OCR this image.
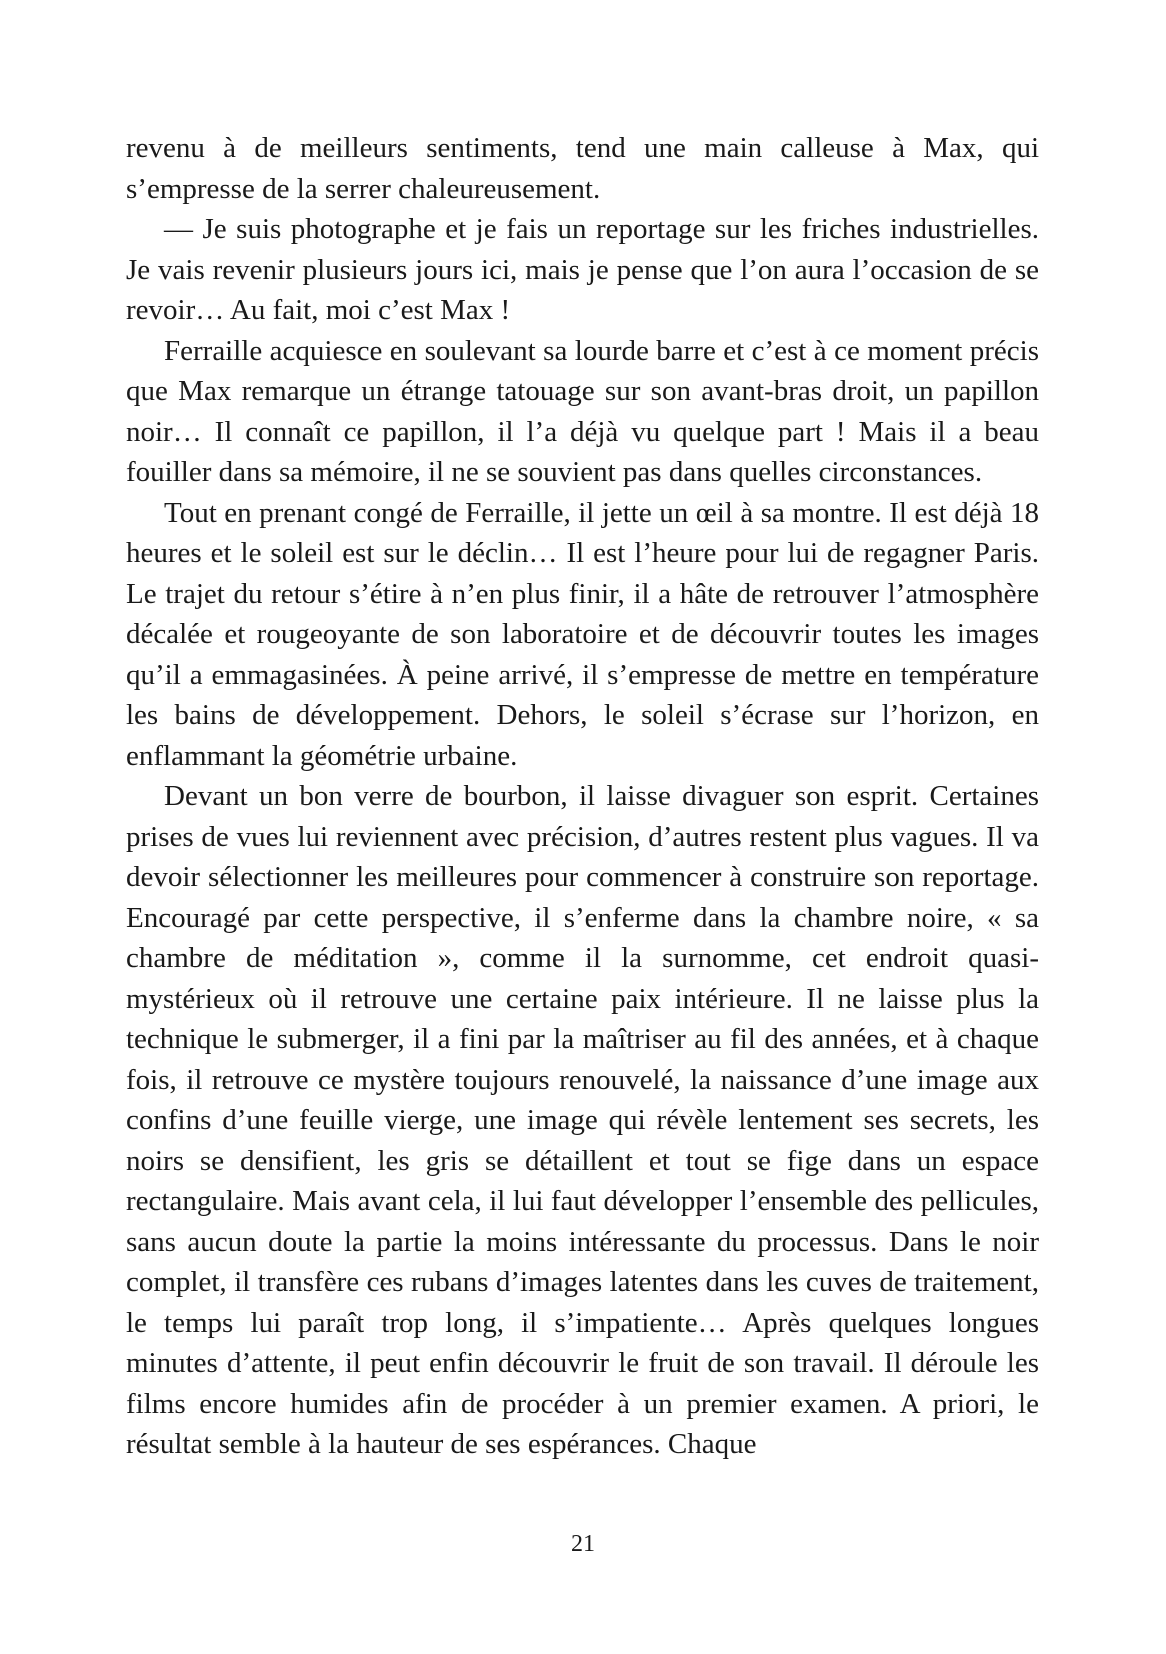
revenu à de meilleurs sentiments, tend une main calleuse à Max, qui s’empresse de la serrer chaleureusement.

— Je suis photographe et je fais un reportage sur les friches industrielles. Je vais revenir plusieurs jours ici, mais je pense que l’on aura l’occasion de se revoir… Au fait, moi c’est Max !

Ferraille acquiesce en soulevant sa lourde barre et c’est à ce moment précis que Max remarque un étrange tatouage sur son avant-bras droit, un papillon noir… Il connaît ce papillon, il l’a déjà vu quelque part ! Mais il a beau fouiller dans sa mémoire, il ne se souvient pas dans quelles circonstances.

Tout en prenant congé de Ferraille, il jette un œil à sa montre. Il est déjà 18 heures et le soleil est sur le déclin… Il est l’heure pour lui de regagner Paris. Le trajet du retour s’étire à n’en plus finir, il a hâte de retrouver l’atmosphère décalée et rougeoyante de son laboratoire et de découvrir toutes les images qu’il a emmagasinées. À peine arrivé, il s’empresse de mettre en température les bains de développement. Dehors, le soleil s’écrase sur l’horizon, en enflammant la géométrie urbaine.

Devant un bon verre de bourbon, il laisse divaguer son esprit. Certaines prises de vues lui reviennent avec précision, d’autres restent plus vagues. Il va devoir sélectionner les meilleures pour commencer à construire son reportage. Encouragé par cette perspective, il s’enferme dans la chambre noire, « sa chambre de méditation », comme il la surnomme, cet endroit quasi-mystérieux où il retrouve une certaine paix intérieure. Il ne laisse plus la technique le submerger, il a fini par la maîtriser au fil des années, et à chaque fois, il retrouve ce mystère toujours renouvelé, la naissance d’une image aux confins d’une feuille vierge, une image qui révèle lentement ses secrets, les noirs se densifient, les gris se détaillent et tout se fige dans un espace rectangulaire. Mais avant cela, il lui faut développer l’ensemble des pellicules, sans aucun doute la partie la moins intéressante du processus. Dans le noir complet, il transfère ces rubans d’images latentes dans les cuves de traitement, le temps lui paraît trop long, il s’impatiente… Après quelques longues minutes d’attente, il peut enfin découvrir le fruit de son travail. Il déroule les films encore humides afin de procéder à un premier examen. A priori, le résultat semble à la hauteur de ses espérances. Chaque

21
